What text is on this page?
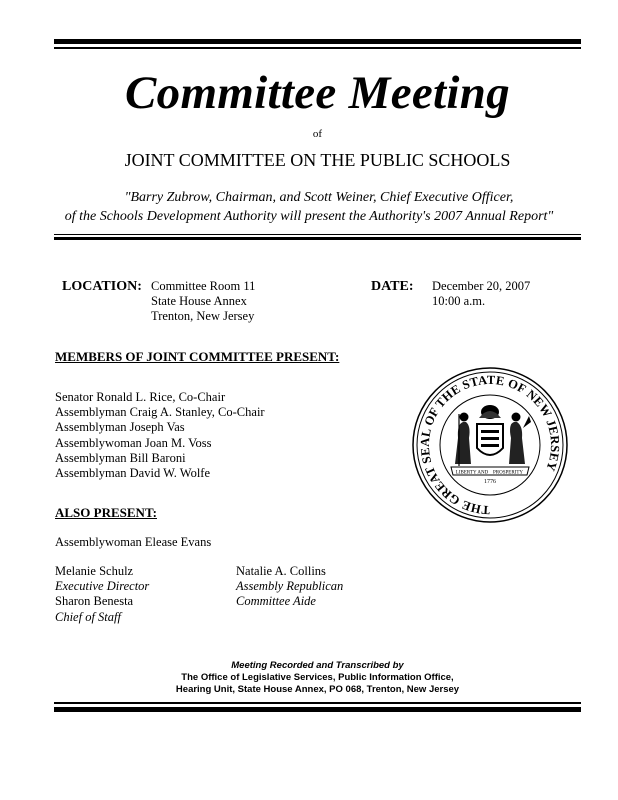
Committee Meeting
of
JOINT COMMITTEE ON THE PUBLIC SCHOOLS
"Barry Zubrow, Chairman, and Scott Weiner, Chief Executive Officer,
of the Schools Development Authority will present the Authority's 2007 Annual Report"
LOCATION: Committee Room 11
State House Annex
Trenton, New Jersey
DATE: December 20, 2007
10:00 a.m.
MEMBERS OF JOINT COMMITTEE PRESENT:
Senator Ronald L. Rice, Co-Chair
Assemblyman Craig A. Stanley, Co-Chair
Assemblyman Joseph Vas
Assemblywoman Joan M. Voss
Assemblyman Bill Baroni
Assemblyman David W. Wolfe
THE GREAT SEAL OF THE STATE OF NEW JERSEY
LIBERTY AND PROSPERITY
1776
ALSO PRESENT:
Assemblywoman Elease Evans
Melanie Schulz
Executive Director
Sharon Benesta
Chief of Staff
Natalie A. Collins
Assembly Republican
Committee Aide
Meeting Recorded and Transcribed by
The Office of Legislative Services, Public Information Office,
Hearing Unit, State House Annex, PO 068, Trenton, New Jersey
